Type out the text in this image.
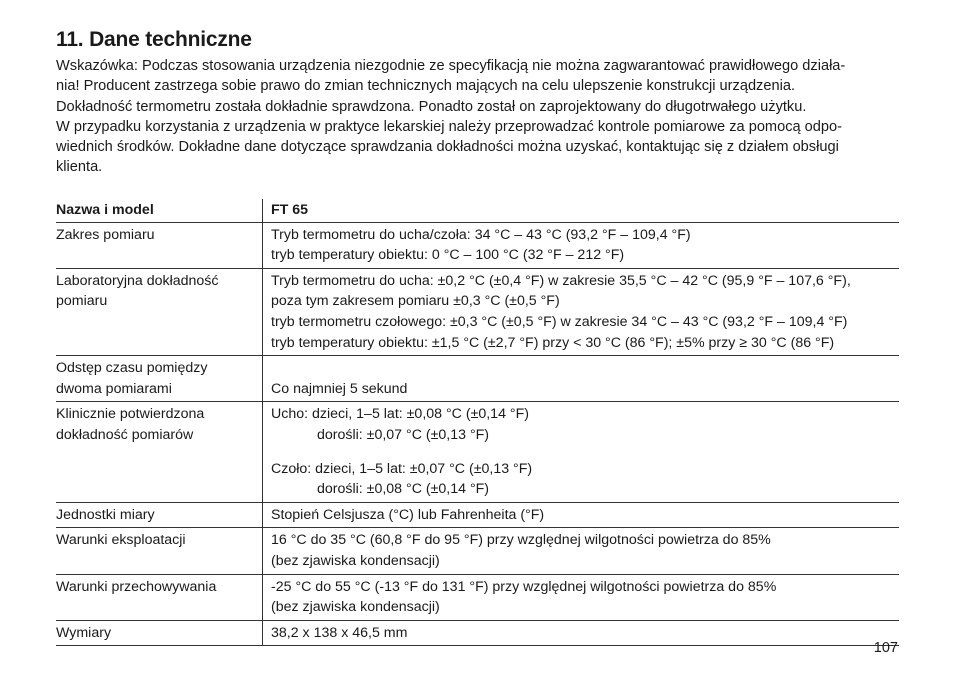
11. Dane techniczne

Wskazówka: Podczas stosowania urządzenia niezgodnie ze specyfikacją nie można zagwarantować prawidłowego działa-

nia! Producent zastrzega sobie prawo do zmian technicznych mających na celu ulepszenie konstrukcji urządzenia.

Dokładność termometru została dokładnie sprawdzona. Ponadto został on zaprojektowany do długotrwałego użytku.

W przypadku korzystania z urządzenia w praktyce lekarskiej należy przeprowadzać kontrole pomiarowe za pomocą odpo-

wiednich środków. Dokładne dane dotyczące sprawdzania dokładności można uzyskać, kontaktując się z działem obsługi

klienta.

Nazwa i model	FT 65

Zakres pomiaru	Tryb termometru do ucha/czoła: 34 °C – 43 °C (93,2 °F – 109,4 °F)
tryb temperatury obiektu: 0 °C – 100 °C (32 °F – 212 °F)

Laboratoryjna dokładność
pomiaru	Tryb termometru do ucha: ±0,2 °C (±0,4 °F) w zakresie 35,5 °C – 42 °C (95,9 °F – 107,6 °F),
poza tym zakresem pomiaru ±0,3 °C (±0,5 °F)
tryb termometru czołowego: ±0,3 °C (±0,5 °F) w zakresie 34 °C – 43 °C (93,2 °F – 109,4 °F)
tryb temperatury obiektu: ±1,5 °C (±2,7 °F) przy < 30 °C (86 °F); ±5% przy ≥ 30 °C (86 °F)

Odstęp czasu pomiędzy
dwoma pomiarami	Co najmniej 5 sekund

Klinicznie potwierdzona
dokładność pomiarów	Ucho: dzieci, 1–5 lat: ±0,08 °C (±0,14 °F)
dorośli: ±0,07 °C (±0,13 °F)
Czoło: dzieci, 1–5 lat: ±0,07 °C (±0,13 °F)
dorośli: ±0,08 °C (±0,14 °F)

Jednostki miary	Stopień Celsjusza (°C) lub Fahrenheita (°F)

Warunki eksploatacji	16 °C do 35 °C (60,8 °F do 95 °F) przy względnej wilgotności powietrza do 85%
(bez zjawiska kondensacji)

Warunki przechowywania	-25 °C do 55 °C (-13 °F do 131 °F) przy względnej wilgotności powietrza do 85%
(bez zjawiska kondensacji)

Wymiary	38,2 x 138 x 46,5 mm
107
